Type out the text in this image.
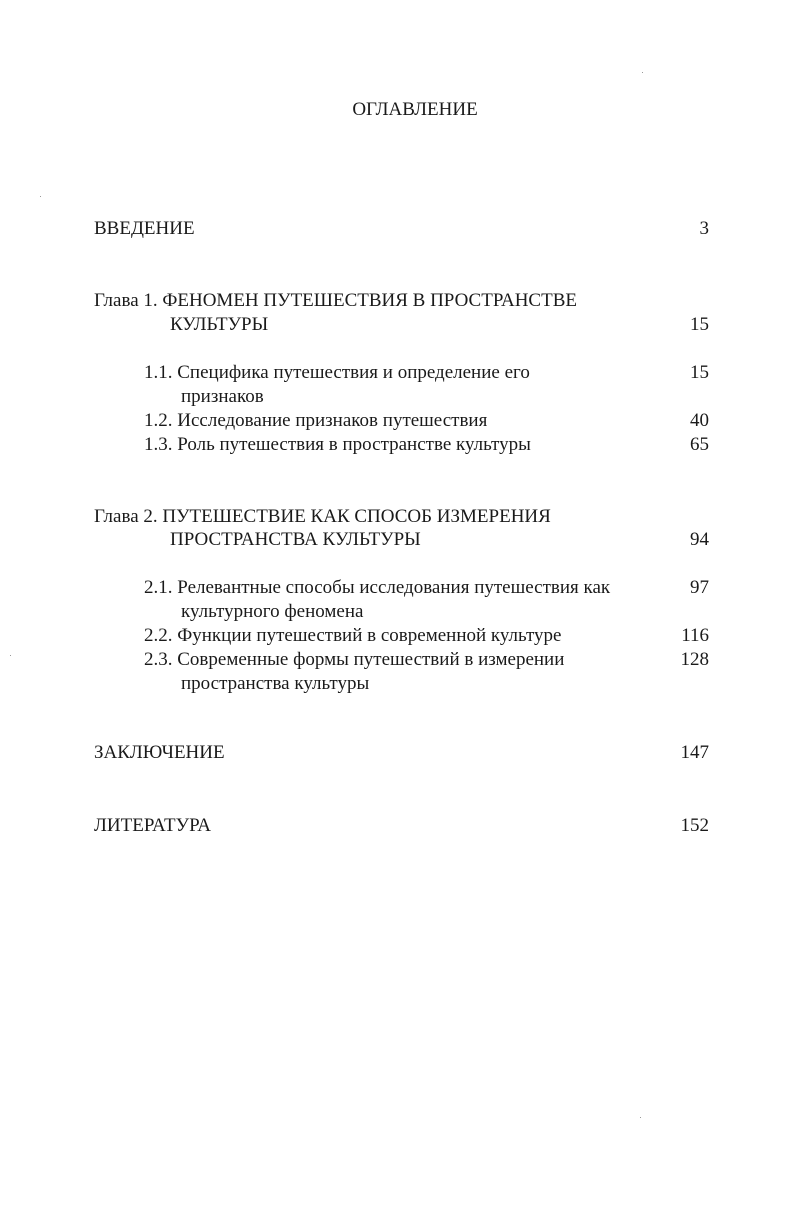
ОГЛАВЛЕНИЕ
ВВЕДЕНИЕ	3
Глава 1. ФЕНОМЕН ПУТЕШЕСТВИЯ В ПРОСТРАНСТВЕ
КУЛЬТУРЫ	15
1.1. Специфика путешествия и определение его	15
признаков
1.2. Исследование признаков путешествия	40
1.3. Роль путешествия в пространстве культуры	65
Глава 2. ПУТЕШЕСТВИЕ КАК СПОСОБ ИЗМЕРЕНИЯ
ПРОСТРАНСТВА КУЛЬТУРЫ	94
2.1. Релевантные способы исследования путешествия как	97
культурного феномена
2.2. Функции путешествий в современной культуре	116
2.3. Современные формы путешествий в измерении	128
пространства культуры
ЗАКЛЮЧЕНИЕ	147
ЛИТЕРАТУРА	152
